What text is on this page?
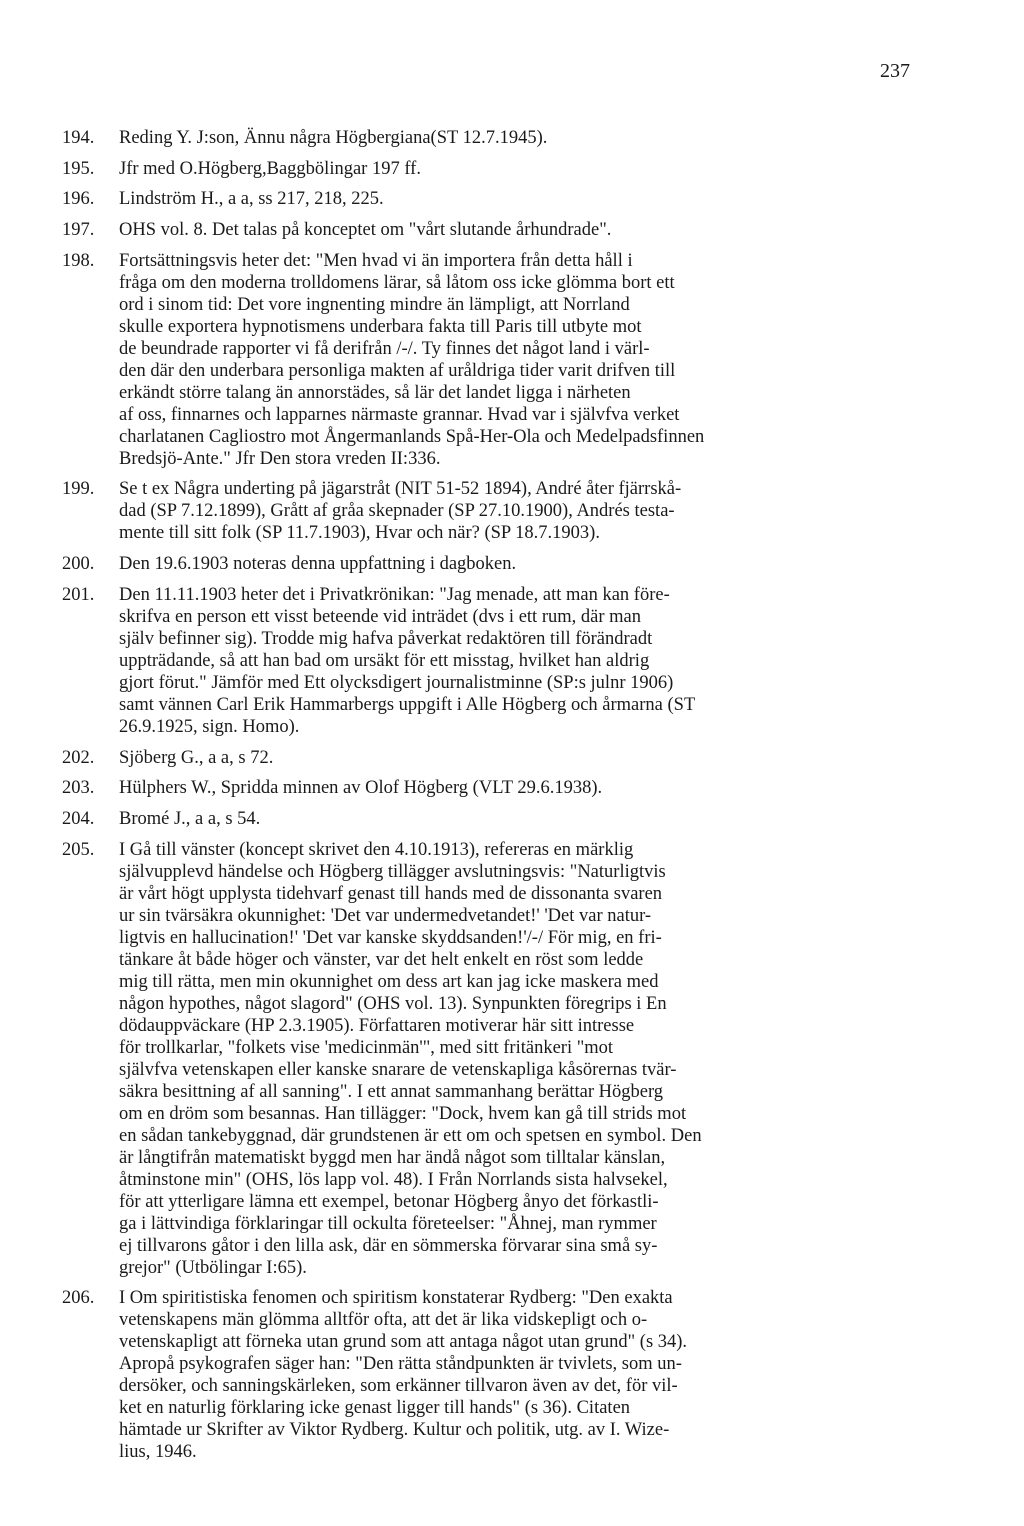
237
194.	Reding Y. J:son, Ännu några Högbergiana(ST 12.7.1945).
195.	Jfr med O.Högberg,Baggbölingar 197 ff.
196.	Lindström H., a a, ss 217, 218, 225.
197.	OHS vol. 8. Det talas på konceptet om "vårt slutande århundrade".
198.	Fortsättningsvis heter det: "Men hvad vi än importera från detta håll i
fråga om den moderna trolldomens lärar, så låtom oss icke glömma bort ett
ord i sinom tid: Det vore ingnenting mindre än lämpligt, att Norrland
skulle exportera hypnotismens underbara fakta till Paris till utbyte mot
de beundrade rapporter vi få derifrån /-/. Ty finnes det något land i värl-
den där den underbara personliga makten af uråldriga tider varit drifven till
erkändt större talang än annorstädes, så lär det landet ligga i närheten
af oss, finnarnes och lapparnes närmaste grannar. Hvad var i självfva verket
charlatanen Cagliostro mot Ångermanlands Spå-Her-Ola och Medelpadsfinnen
Bredsjö-Ante." Jfr Den stora vreden II:336.
199.	Se t ex Några underting på jägarstråt (NIT 51-52 1894), André åter fjärrskå-
dad (SP 7.12.1899), Grått af gråa skepnader (SP 27.10.1900), Andrés testa-
mente till sitt folk (SP 11.7.1903), Hvar och när? (SP 18.7.1903).
200.	Den 19.6.1903 noteras denna uppfattning i dagboken.
201.	Den 11.11.1903 heter det i Privatkrönikan: "Jag menade, att man kan före-
skrifva en person ett visst beteende vid inträdet (dvs i ett rum, där man
själv befinner sig). Trodde mig hafva påverkat redaktören till förändradt
uppträdande, så att han bad om ursäkt för ett misstag, hvilket han aldrig
gjort förut." Jämför med Ett olycksdigert journalistminne (SP:s julnr 1906)
samt vännen Carl Erik Hammarbergs uppgift i Alle Högberg och årmarna (ST
26.9.1925, sign. Homo).
202.	Sjöberg G., a a, s 72.
203.	Hülphers W., Spridda minnen av Olof Högberg (VLT 29.6.1938).
204.	Bromé J., a a, s 54.
205.	I Gå till vänster (koncept skrivet den 4.10.1913), refereras en märklig
självupplevd händelse och Högberg tillägger avslutningsvis: "Naturligtvis
är vårt högt upplysta tidehvarf genast till hands med de dissonanta svaren
ur sin tvärsäkra okunnighet: 'Det var undermedvetandet!' 'Det var natur-
ligtvis en hallucination!' 'Det var kanske skyddsanden!'/-/ För mig, en fri-
tänkare åt både höger och vänster, var det helt enkelt en röst som ledde
mig till rätta, men min okunnighet om dess art kan jag icke maskera med
någon hypothes, något slagord" (OHS vol. 13). Synpunkten föregrips i En
dödauppväckare (HP 2.3.1905). Författaren motiverar här sitt intresse
för trollkarlar, "folkets vise 'medicinmän'", med sitt fritänkeri "mot
självfva vetenskapen eller kanske snarare de vetenskapliga kåsörernas tvär-
säkra besittning af all sanning". I ett annat sammanhang berättar Högberg
om en dröm som besannas. Han tillägger: "Dock, hvem kan gå till strids mot
en sådan tankebyggnad, där grundstenen är ett om och spetsen en symbol. Den
är långtifrån matematiskt byggd men har ändå något som tilltalar känslan,
åtminstone min" (OHS, lös lapp vol. 48). I Från Norrlands sista halvsekel,
för att ytterligare lämna ett exempel, betonar Högberg ånyo det förkastli-
ga i lättvindiga förklaringar till ockulta företeelser: "Åhnej, man rymmer
ej tillvarons gåtor i den lilla ask, där en sömmerska förvarar sina små sy-
grejor" (Utbölingar I:65).
206.	I Om spiritistiska fenomen och spiritism konstaterar Rydberg: "Den exakta
vetenskapens män glömma alltför ofta, att det är lika vidskepligt och o-
vetenskapligt att förneka utan grund som att antaga något utan grund" (s 34).
Apropå psykografen säger han: "Den rätta ståndpunkten är tvivlets, som un-
dersöker, och sanningskärleken, som erkänner tillvaron även av det, för vil-
ket en naturlig förklaring icke genast ligger till hands" (s 36). Citaten
hämtade ur Skrifter av Viktor Rydberg. Kultur och politik, utg. av I. Wize-
lius, 1946.
